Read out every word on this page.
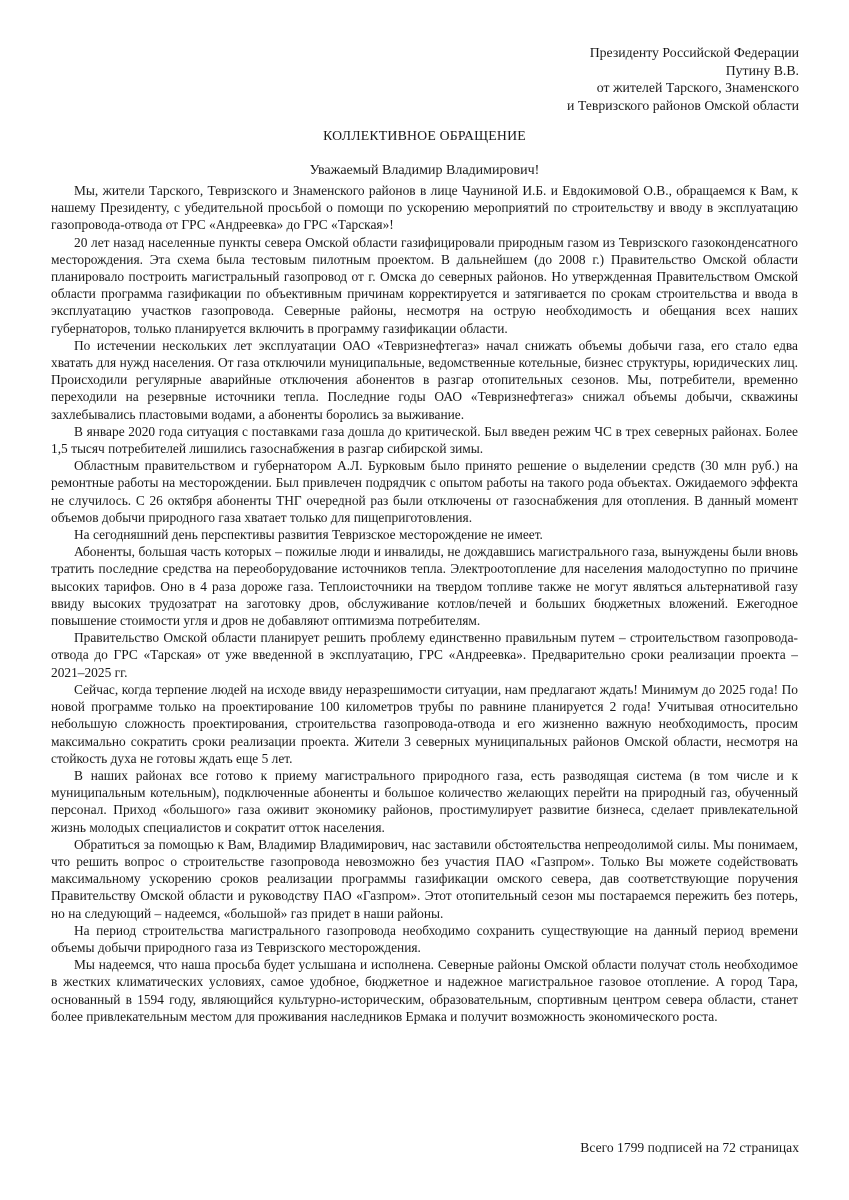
Президенту Российской Федерации
Путину В.В.
от жителей Тарского, Знаменского
и Тевризского районов Омской области
КОЛЛЕКТИВНОЕ ОБРАЩЕНИЕ
Уважаемый Владимир Владимирович!

Мы, жители Тарского, Тевризского и Знаменского районов в лице Чауниной И.Б. и Евдокимовой О.В., обращаемся к Вам, к нашему Президенту, с убедительной просьбой о помощи по ускорению мероприятий по строительству и вводу в эксплуатацию газопровода-отвода от ГРС «Андреевка» до ГРС «Тарская»!

20 лет назад населенные пункты севера Омской области газифицировали природным газом из Тевризского газоконденсатного месторождения. Эта схема была тестовым пилотным проектом. В дальнейшем (до 2008 г.) Правительство Омской области планировало построить магистральный газопровод от г. Омска до северных районов. Но утвержденная Правительством Омской области программа газификации по объективным причинам корректируется и затягивается по срокам строительства и ввода в эксплуатацию участков газопровода. Северные районы, несмотря на острую необходимость и обещания всех наших губернаторов, только планируется включить в программу газификации области.

По истечении нескольких лет эксплуатации ОАО «Тевризнефтегаз» начал снижать объемы добычи газа, его стало едва хватать для нужд населения. От газа отключили муниципальные, ведомственные котельные, бизнес структуры, юридических лиц. Происходили регулярные аварийные отключения абонентов в разгар отопительных сезонов. Мы, потребители, временно переходили на резервные источники тепла. Последние годы ОАО «Тевризнефтегаз» снижал объемы добычи, скважины захлебывались пластовыми водами, а абоненты боролись за выживание.

В январе 2020 года ситуация с поставками газа дошла до критической. Был введен режим ЧС в трех северных районах. Более 1,5 тысяч потребителей лишились газоснабжения в разгар сибирской зимы.

Областным правительством и губернатором А.Л. Бурковым было принято решение о выделении средств (30 млн руб.) на ремонтные работы на месторождении. Был привлечен подрядчик с опытом работы на такого рода объектах. Ожидаемого эффекта не случилось. С 26 октября абоненты ТНГ очередной раз были отключены от газоснабжения для отопления. В данный момент объемов добычи природного газа хватает только для пищеприготовления.

На сегодняшний день перспективы развития Тевризское месторождение не имеет.

Абоненты, большая часть которых – пожилые люди и инвалиды, не дождавшись магистрального газа, вынуждены были вновь тратить последние средства на переоборудование источников тепла. Электроотопление для населения малодоступно по причине высоких тарифов. Оно в 4 раза дороже газа. Теплоисточники на твердом топливе также не могут являться альтернативой газу ввиду высоких трудозатрат на заготовку дров, обслуживание котлов/печей и больших бюджетных вложений. Ежегодное повышение стоимости угля и дров не добавляют оптимизма потребителям.

Правительство Омской области планирует решить проблему единственно правильным путем – строительством газопровода-отвода до ГРС «Тарская» от уже введенной в эксплуатацию, ГРС «Андреевка». Предварительно сроки реализации проекта – 2021–2025 гг.

Сейчас, когда терпение людей на исходе ввиду неразрешимости ситуации, нам предлагают ждать! Минимум до 2025 года! По новой программе только на проектирование 100 километров трубы по равнине планируется 2 года! Учитывая относительно небольшую сложность проектирования, строительства газопровода-отвода и его жизненно важную необходимость, просим максимально сократить сроки реализации проекта. Жители 3 северных муниципальных районов Омской области, несмотря на стойкость духа не готовы ждать еще 5 лет.

В наших районах все готово к приему магистрального природного газа, есть разводящая система (в том числе и к муниципальным котельным), подключенные абоненты и большое количество желающих перейти на природный газ, обученный персонал. Приход «большого» газа оживит экономику районов, простимулирует развитие бизнеса, сделает привлекательной жизнь молодых специалистов и сократит отток населения.

Обратиться за помощью к Вам, Владимир Владимирович, нас заставили обстоятельства непреодолимой силы. Мы понимаем, что решить вопрос о строительстве газопровода невозможно без участия ПАО «Газпром». Только Вы можете содействовать максимальному ускорению сроков реализации программы газификации омского севера, дав соответствующие поручения Правительству Омской области и руководству ПАО «Газпром». Этот отопительный сезон мы постараемся пережить без потерь, но на следующий – надеемся, «большой» газ придет в наши районы.

На период строительства магистрального газопровода необходимо сохранить существующие на данный период времени объемы добычи природного газа из Тевризского месторождения.

Мы надеемся, что наша просьба будет услышана и исполнена. Северные районы Омской области получат столь необходимое в жестких климатических условиях, самое удобное, бюджетное и надежное магистральное газовое отопление. А город Тара, основанный в 1594 году, являющийся культурно-историческим, образовательным, спортивным центром севера области, станет более привлекательным местом для проживания наследников Ермака и получит возможность экономического роста.

Всего 1799 подписей на 72 страницах
